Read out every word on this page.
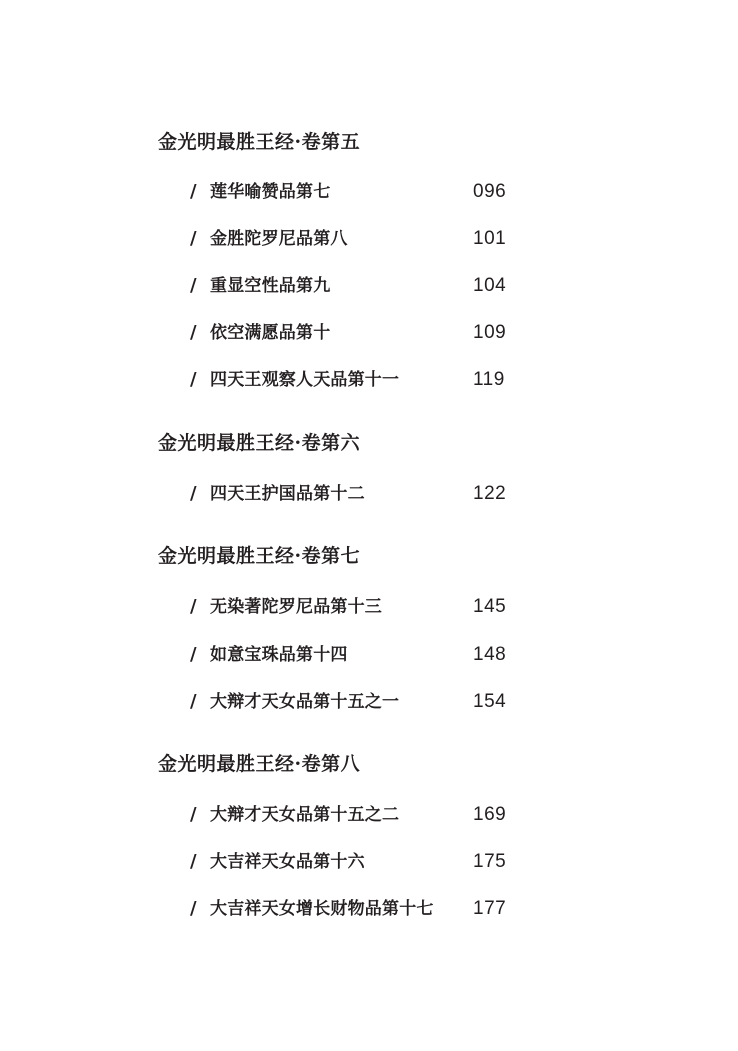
金光明最胜王经·卷第五
/ 莲华喻赞品第七	096
/ 金胜陀罗尼品第八	101
/ 重显空性品第九	104
/ 依空满愿品第十	109
/ 四天王观察人天品第十一	119
金光明最胜王经·卷第六
/ 四天王护国品第十二	122
金光明最胜王经·卷第七
/ 无染著陀罗尼品第十三	145
/ 如意宝珠品第十四	148
/ 大辩才天女品第十五之一	154
金光明最胜王经·卷第八
/ 大辩才天女品第十五之二	169
/ 大吉祥天女品第十六	175
/ 大吉祥天女增长财物品第十七 177
